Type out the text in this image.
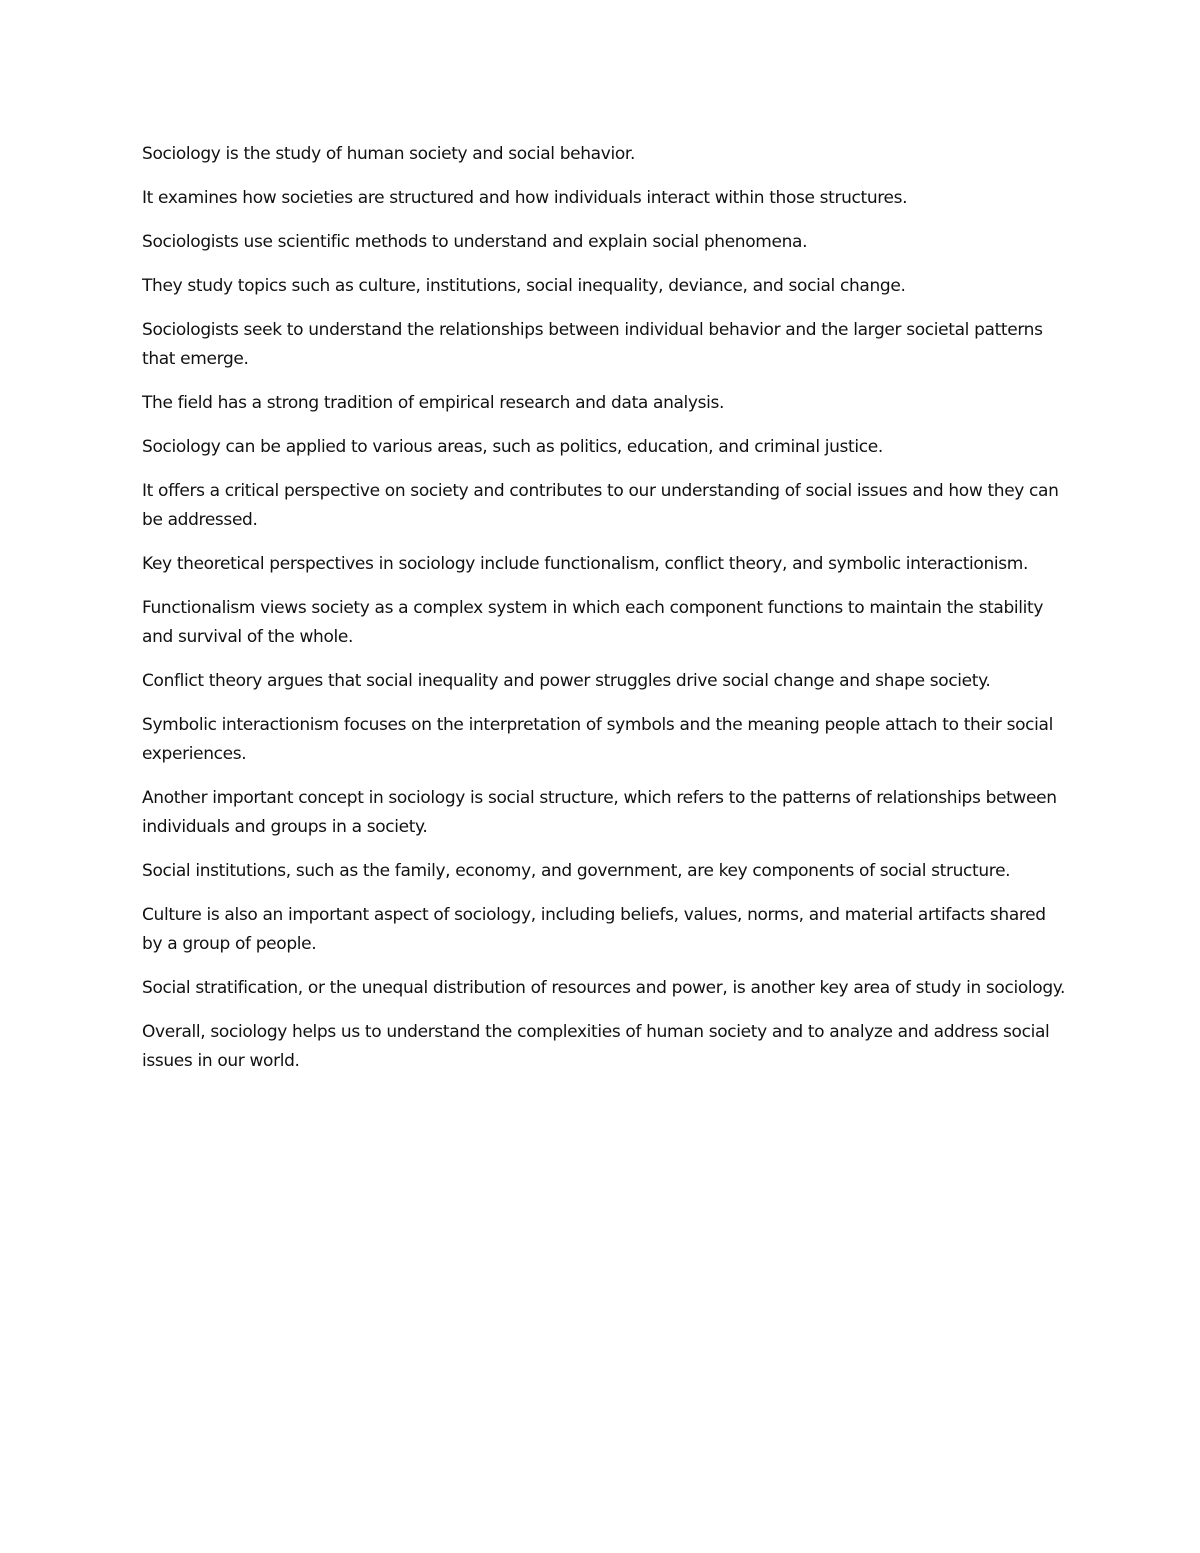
Sociology is the study of human society and social behavior.

It examines how societies are structured and how individuals interact within those structures.

Sociologists use scientific methods to understand and explain social phenomena.

They study topics such as culture, institutions, social inequality, deviance, and social change.

Sociologists seek to understand the relationships between individual behavior and the larger societal patterns that emerge.

The field has a strong tradition of empirical research and data analysis.

Sociology can be applied to various areas, such as politics, education, and criminal justice.

It offers a critical perspective on society and contributes to our understanding of social issues and how they can be addressed.

Key theoretical perspectives in sociology include functionalism, conflict theory, and symbolic interactionism.

Functionalism views society as a complex system in which each component functions to maintain the stability and survival of the whole.

Conflict theory argues that social inequality and power struggles drive social change and shape society.

Symbolic interactionism focuses on the interpretation of symbols and the meaning people attach to their social experiences.

Another important concept in sociology is social structure, which refers to the patterns of relationships between individuals and groups in a society.

Social institutions, such as the family, economy, and government, are key components of social structure.

Culture is also an important aspect of sociology, including beliefs, values, norms, and material artifacts shared by a group of people.

Social stratification, or the unequal distribution of resources and power, is another key area of study in sociology.

Overall, sociology helps us to understand the complexities of human society and to analyze and address social issues in our world.
